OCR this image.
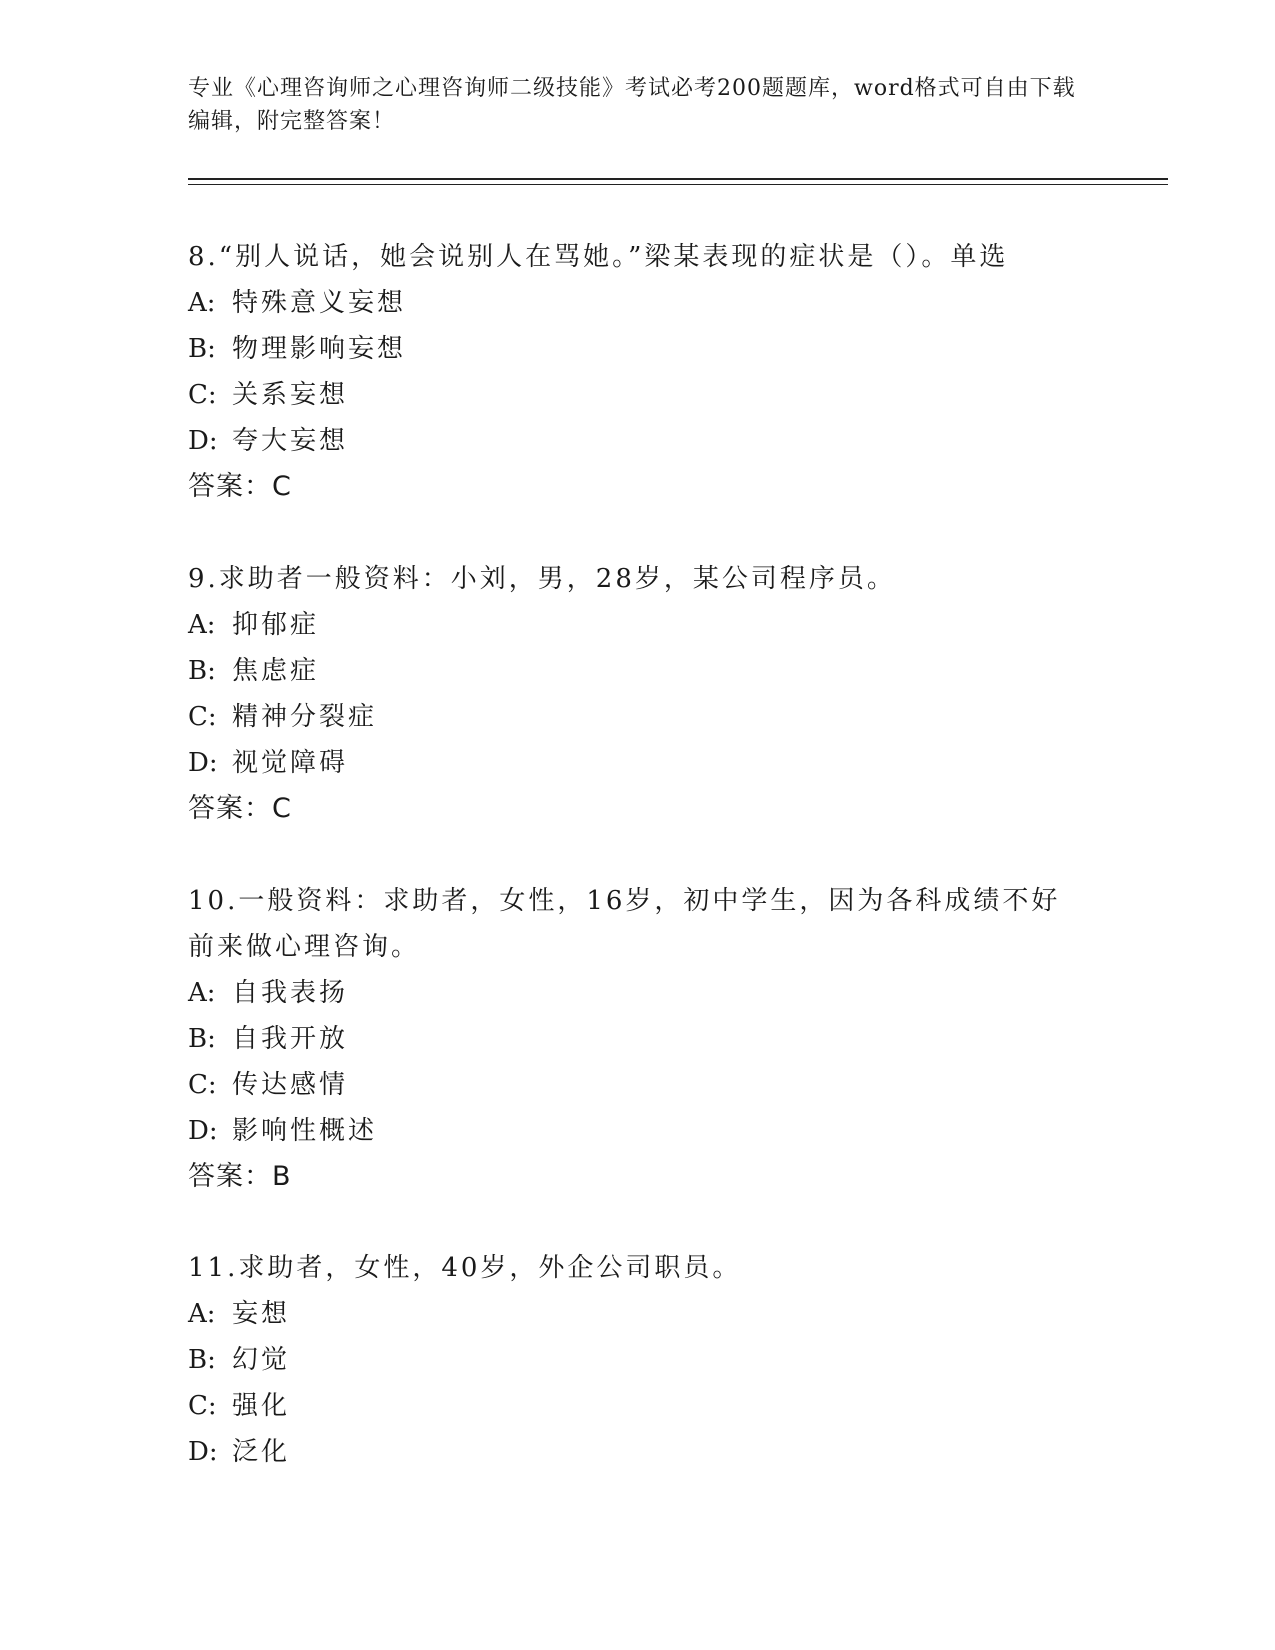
专业《心理咨询师之心理咨询师二级技能》考试必考200题题库，word格式可自由下载编辑，附完整答案！
8.“别人说话，她会说别人在骂她。”梁某表现的症状是（）。单选
A: 特殊意义妄想
B: 物理影响妄想
C: 关系妄想
D: 夸大妄想
答案：C
9.求助者一般资料：小刘，男，28岁，某公司程序员。
A: 抑郁症
B: 焦虑症
C: 精神分裂症
D: 视觉障碍
答案：C
10.一般资料：求助者，女性，16岁，初中学生，因为各科成绩不好前来做心理咨询。
A: 自我表扬
B: 自我开放
C: 传达感情
D: 影响性概述
答案：B
11.求助者，女性，40岁，外企公司职员。
A: 妄想
B: 幻觉
C: 强化
D: 泛化
